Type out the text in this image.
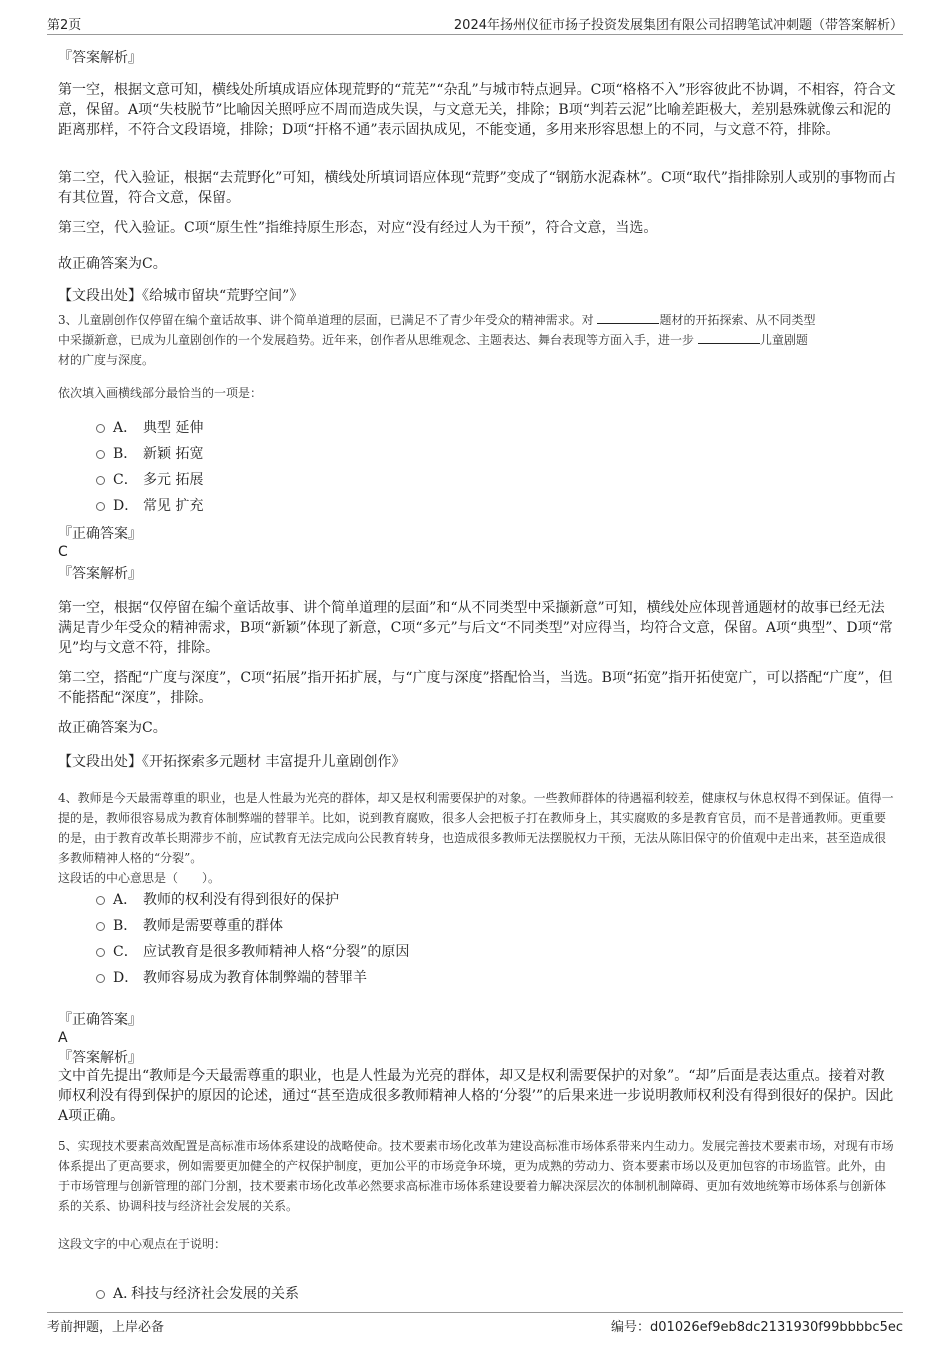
第2页	2024年扬州仪征市扬子投资发展集团有限公司招聘笔试冲刺题（带答案解析）

『答案解析』

第一空，根据文意可知，横线处所填成语应体现荒野的“荒芜”“杂乱”与城市特点迥异。C项“格格不入”形容彼此不协调，不相容，符合文意，保留。A项“失枝脱节”比喻因关照呼应不周而造成失误，与文意无关，排除；B项“判若云泥”比喻差距极大，差别悬殊就像云和泥的距离那样，不符合文段语境，排除；D项“扞格不通”表示固执成见，不能变通，多用来形容思想上的不同，与文意不符，排除。

第二空，代入验证，根据“去荒野化”可知，横线处所填词语应体现“荒野”变成了“钢筋水泥森林”。C项“取代”指排除别人或别的事物而占有其位置，符合文意，保留。

第三空，代入验证。C项“原生性”指维持原生形态，对应“没有经过人为干预”，符合文意，当选。

故正确答案为C。

【文段出处】《给城市留块“荒野空间”》

3、儿童剧创作仅停留在编个童话故事、讲个简单道理的层面，已满足不了青少年受众的精神需求。对	题材的开拓探索、从不同类型
中采撷新意，已成为儿童剧创作的一个发展趋势。近年来，创作者从思维观念、主题表达、舞台表现等方面入手，进一步	儿童剧题
材的广度与深度。

依次填入画横线部分最恰当的一项是：

A． 典型 延伸
B． 新颖 拓宽
C． 多元 拓展
D． 常见 扩充

『正确答案』

C

『答案解析』

第一空，根据“仅停留在编个童话故事、讲个简单道理的层面”和“从不同类型中采撷新意”可知，横线处应体现普通题材的故事已经无法满足青少年受众的精神需求，B项“新颖”体现了新意，C项“多元”与后文“不同类型”对应得当，均符合文意，保留。A项“典型”、D项“常见”均与文意不符，排除。

第二空，搭配“广度与深度”，C项“拓展”指开拓扩展，与“广度与深度”搭配恰当，当选。B项“拓宽”指开拓使宽广，可以搭配“广度”，但不能搭配“深度”，排除。

故正确答案为C。

【文段出处】《开拓探索多元题材 丰富提升儿童剧创作》

4、教师是今天最需尊重的职业，也是人性最为光亮的群体，却又是权利需要保护的对象。一些教师群体的待遇福利较差，健康权与休息权得不到保证。值得一提的是，教师很容易成为教育体制弊端的替罪羊。比如，说到教育腐败，很多人会把板子打在教师身上，其实腐败的多是教育官员，而不是普通教师。更重要的是，由于教育改革长期滞步不前，应试教育无法完成向公民教育转身，也造成很多教师无法摆脱权力干预，无法从陈旧保守的价值观中走出来，甚至造成很多教师精神人格的“分裂”。

这段话的中心意思是（　　）。

A． 教师的权利没有得到很好的保护
B． 教师是需要尊重的群体
C． 应试教育是很多教师精神人格“分裂”的原因
D． 教师容易成为教育体制弊端的替罪羊

『正确答案』

A

『答案解析』

文中首先提出“教师是今天最需尊重的职业，也是人性最为光亮的群体，却又是权利需要保护的对象”。“却”后面是表达重点。接着对教师权利没有得到保护的原因的论述，通过“甚至造成很多教师精神人格的‘分裂’”的后果来进一步说明教师权利没有得到很好的保护。因此A项正确。

5、实现技术要素高效配置是高标准市场体系建设的战略使命。技术要素市场化改革为建设高标准市场体系带来内生动力。发展完善技术要素市场，对现有市场体系提出了更高要求，例如需要更加健全的产权保护制度，更加公平的市场竞争环境，更为成熟的劳动力、资本要素市场以及更加包容的市场监管。此外，由于市场管理与创新管理的部门分割，技术要素市场化改革必然要求高标准市场体系建设要着力解决深层次的体制机制障碍、更加有效地统筹市场体系与创新体系的关系、协调科技与经济社会发展的关系。

这段文字的中心观点在于说明：

A．
科技与经济社会发展的关系
考前押题，上岸必备	编号：d01026ef9eb8dc2131930f99bbbbc5ec
